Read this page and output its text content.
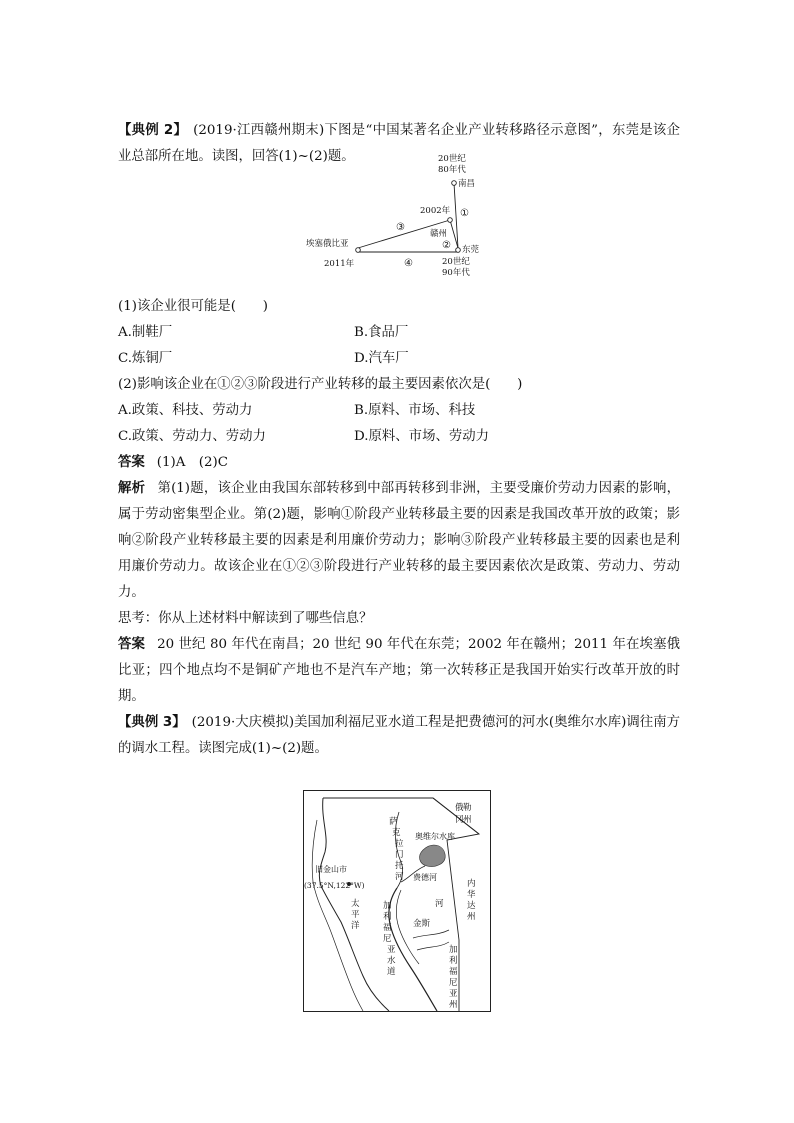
【典例 2】 (2019·江西赣州期末)下图是“中国某著名企业产业转移路径示意图”，东莞是该企业总部所在地。读图，回答(1)~(2)题。	20世纪
80年代
南昌
2002年
赣州
东莞
20世纪
90年代
埃塞俄比亚
2011年
①
②
③
④

(1)该企业很可能是(　　)

A.制鞋厂	B.食品厂
C.炼铜厂	D.汽车厂

(2)影响该企业在①②③阶段进行产业转移的最主要因素依次是(　　)

A.政策、科技、劳动力	B.原料、市场、科技
C.政策、劳动力、劳动力	D.原料、市场、劳动力

答案 (1)A　(2)C

解析 第(1)题，该企业由我国东部转移到中部再转移到非洲，主要受廉价劳动力因素的影响，属于劳动密集型企业。第(2)题，影响①阶段产业转移最主要的因素是我国改革开放的政策；影响②阶段产业转移最主要的因素是利用廉价劳动力；影响③阶段产业转移最主要的因素也是利用廉价劳动力。故该企业在①②③阶段进行产业转移的最主要因素依次是政策、劳动力、劳动力。

思考：你从上述材料中解读到了哪些信息？

答案 20 世纪 80 年代在南昌；20 世纪 90 年代在东莞；2002 年在赣州；2011 年在埃塞俄比亚；四个地点均不是铜矿产地也不是汽车产地；第一次转移正是我国开始实行改革开放的时期。

【典例 3】 (2019·大庆模拟)美国加利福尼亚水道工程是把费德河的河水(奥维尔水库)调往南方的调水工程。读图完成(1)~(2)题。

俄 勒
冈 州
萨
克
拉
门
托
河
奥维尔水库
费德河
旧金山市
(37.5°N,122°W)
太
平
洋
加
利
福
尼
亚
水
道
金斯
河
内
华
达
州
加
利
福
尼
亚
州
